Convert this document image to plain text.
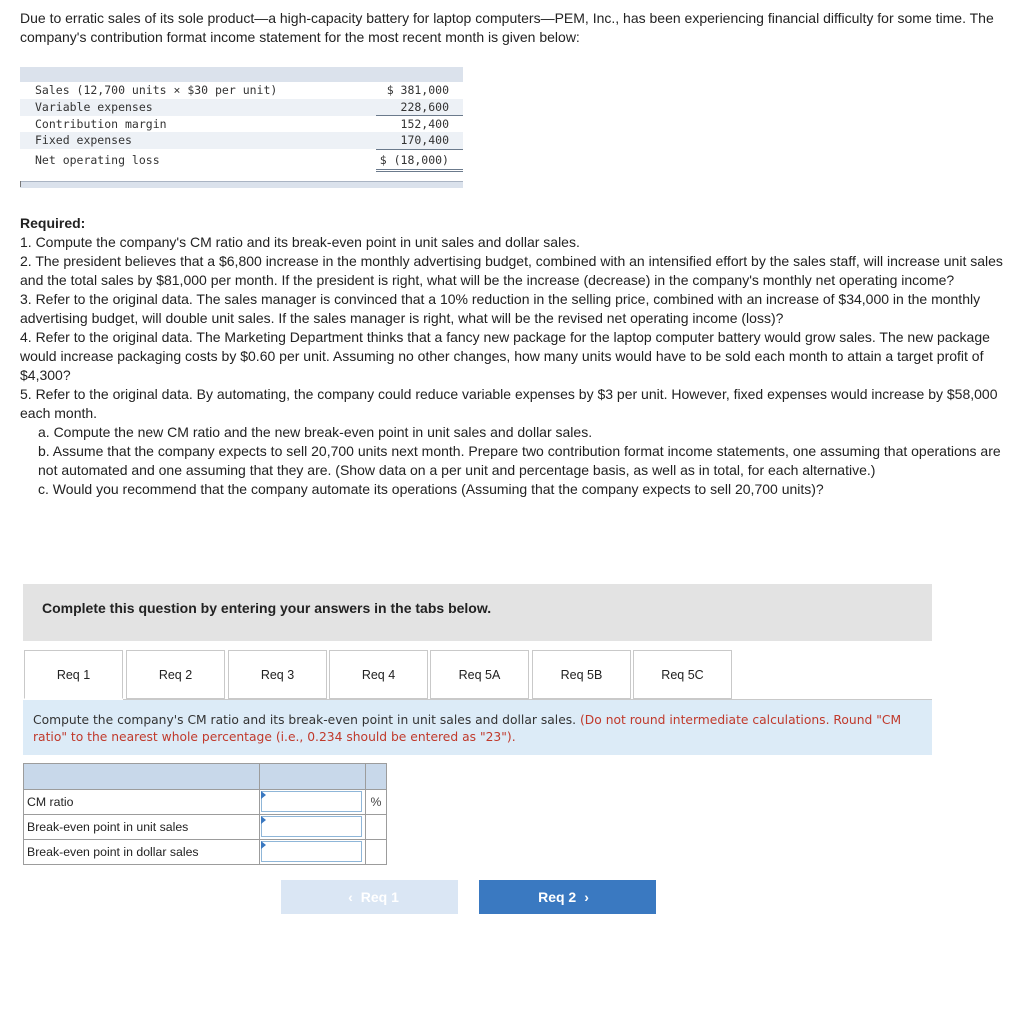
Due to erratic sales of its sole product—a high-capacity battery for laptop computers—PEM, Inc., has been experiencing financial difficulty for some time. The company's contribution format income statement for the most recent month is given below:
Sales (12,700 units × $30 per unit)	$ 381,000
Variable expenses	228,600
Contribution margin	152,400
Fixed expenses	170,400
Net operating loss	$ (18,000)

Required:

1. Compute the company's CM ratio and its break-even point in unit sales and dollar sales.

2. The president believes that a $6,800 increase in the monthly advertising budget, combined with an intensified effort by the sales staff, will increase unit sales and the total sales by $81,000 per month. If the president is right, what will be the increase (decrease) in the company's monthly net operating income?

3. Refer to the original data. The sales manager is convinced that a 10% reduction in the selling price, combined with an increase of $34,000 in the monthly advertising budget, will double unit sales. If the sales manager is right, what will be the revised net operating income (loss)?

4. Refer to the original data. The Marketing Department thinks that a fancy new package for the laptop computer battery would grow sales. The new package would increase packaging costs by $0.60 per unit. Assuming no other changes, how many units would have to be sold each month to attain a target profit of $4,300?

5. Refer to the original data. By automating, the company could reduce variable expenses by $3 per unit. However, fixed expenses would increase by $58,000 each month.

a. Compute the new CM ratio and the new break-even point in unit sales and dollar sales.

b. Assume that the company expects to sell 20,700 units next month. Prepare two contribution format income statements, one assuming that operations are not automated and one assuming that they are. (Show data on a per unit and percentage basis, as well as in total, for each alternative.)

c. Would you recommend that the company automate its operations (Assuming that the company expects to sell 20,700 units)?

Complete this question by entering your answers in the tabs below.
Req 1	Req 2	Req 3	Req 4	Req 5A	Req 5B	Req 5C
Compute the company's CM ratio and its break-even point in unit sales and dollar sales. (Do not round intermediate calculations. Round "CM ratio" to the nearest whole percentage (i.e., 0.234 should be entered as "23").

CM ratio		%
Break-even point in unit sales	

Break-even point in dollar sales	

‹ Req 1	Req 2 ›
